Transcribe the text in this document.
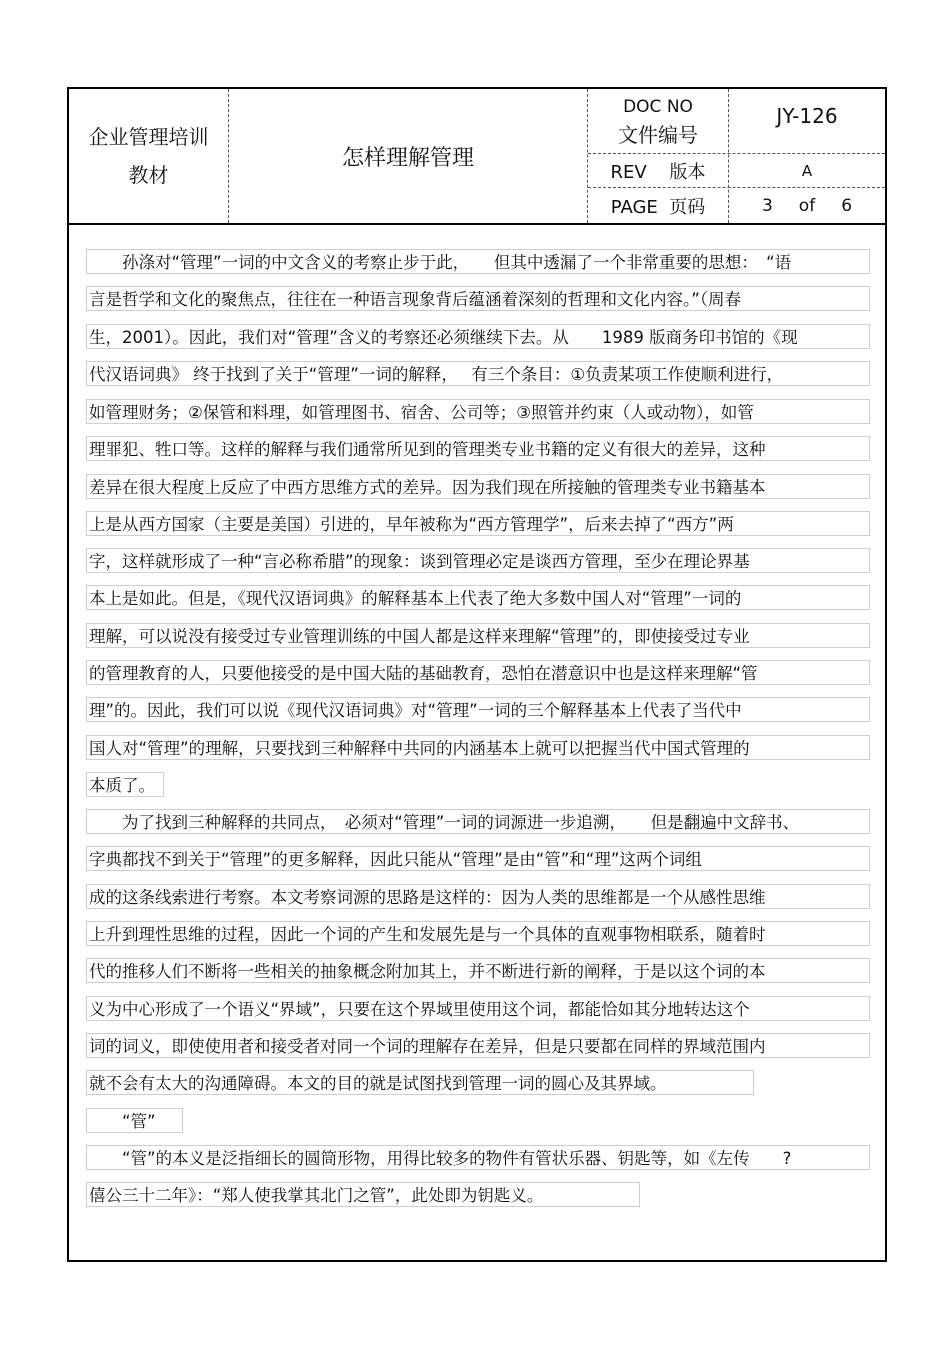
企业管理培训
教材
怎样理解管理
DOC NO
文件编号
JY-126
REV    版本	A
PAGE  页码	3 of 6
　　孙涤对“管理”一词的中文含义的考察止步于此，　　但其中透漏了一个非常重要的思想：　“语
言是哲学和文化的聚焦点，往往在一种语言现象背后蕴涵着深刻的哲理和文化内容。”（周春
生，2001）。因此，我们对“管理”含义的考察还必须继续下去。从　　1989 版商务印书馆的《现
代汉语词典》 终于找到了关于“管理”一词的解释，　 有三个条目：①负责某项工作使顺利进行，
如管理财务；②保管和料理，如管理图书、宿舍、公司等；③照管并约束（人或动物），如管
理罪犯、牲口等。这样的解释与我们通常所见到的管理类专业书籍的定义有很大的差异，这种
差异在很大程度上反应了中西方思维方式的差异。因为我们现在所接触的管理类专业书籍基本
上是从西方国家（主要是美国）引进的，早年被称为“西方管理学”，后来去掉了“西方”两
字，这样就形成了一种“言必称希腊”的现象：谈到管理必定是谈西方管理，至少在理论界基
本上是如此。但是，《现代汉语词典》的解释基本上代表了绝大多数中国人对“管理”一词的
理解，可以说没有接受过专业管理训练的中国人都是这样来理解“管理”的，即使接受过专业
的管理教育的人，只要他接受的是中国大陆的基础教育，恐怕在潜意识中也是这样来理解“管
理”的。因此，我们可以说《现代汉语词典》对“管理”一词的三个解释基本上代表了当代中
国人对“管理”的理解，只要找到三种解释中共同的内涵基本上就可以把握当代中国式管理的
本质了。
　　为了找到三种解释的共同点，　必须对“管理”一词的词源进一步追溯，　　但是翻遍中文辞书、
字典都找不到关于“管理”的更多解释，因此只能从“管理”是由“管”和“理”这两个词组
成的这条线索进行考察。本文考察词源的思路是这样的：因为人类的思维都是一个从感性思维
上升到理性思维的过程，因此一个词的产生和发展先是与一个具体的直观事物相联系，随着时
代的推移人们不断将一些相关的抽象概念附加其上，并不断进行新的阐释，于是以这个词的本
义为中心形成了一个语义“界域”，只要在这个界域里使用这个词，都能恰如其分地转达这个
词的词义，即使使用者和接受者对同一个词的理解存在差异，但是只要都在同样的界域范围内
就不会有太大的沟通障碍。本文的目的就是试图找到管理一词的圆心及其界域。
　　“管”
　　“管”的本义是泛指细长的圆筒形物，用得比较多的物件有管状乐器、钥匙等，如《左传　　?
僖公三十二年》：“郑人使我掌其北门之管”，此处即为钥匙义。
